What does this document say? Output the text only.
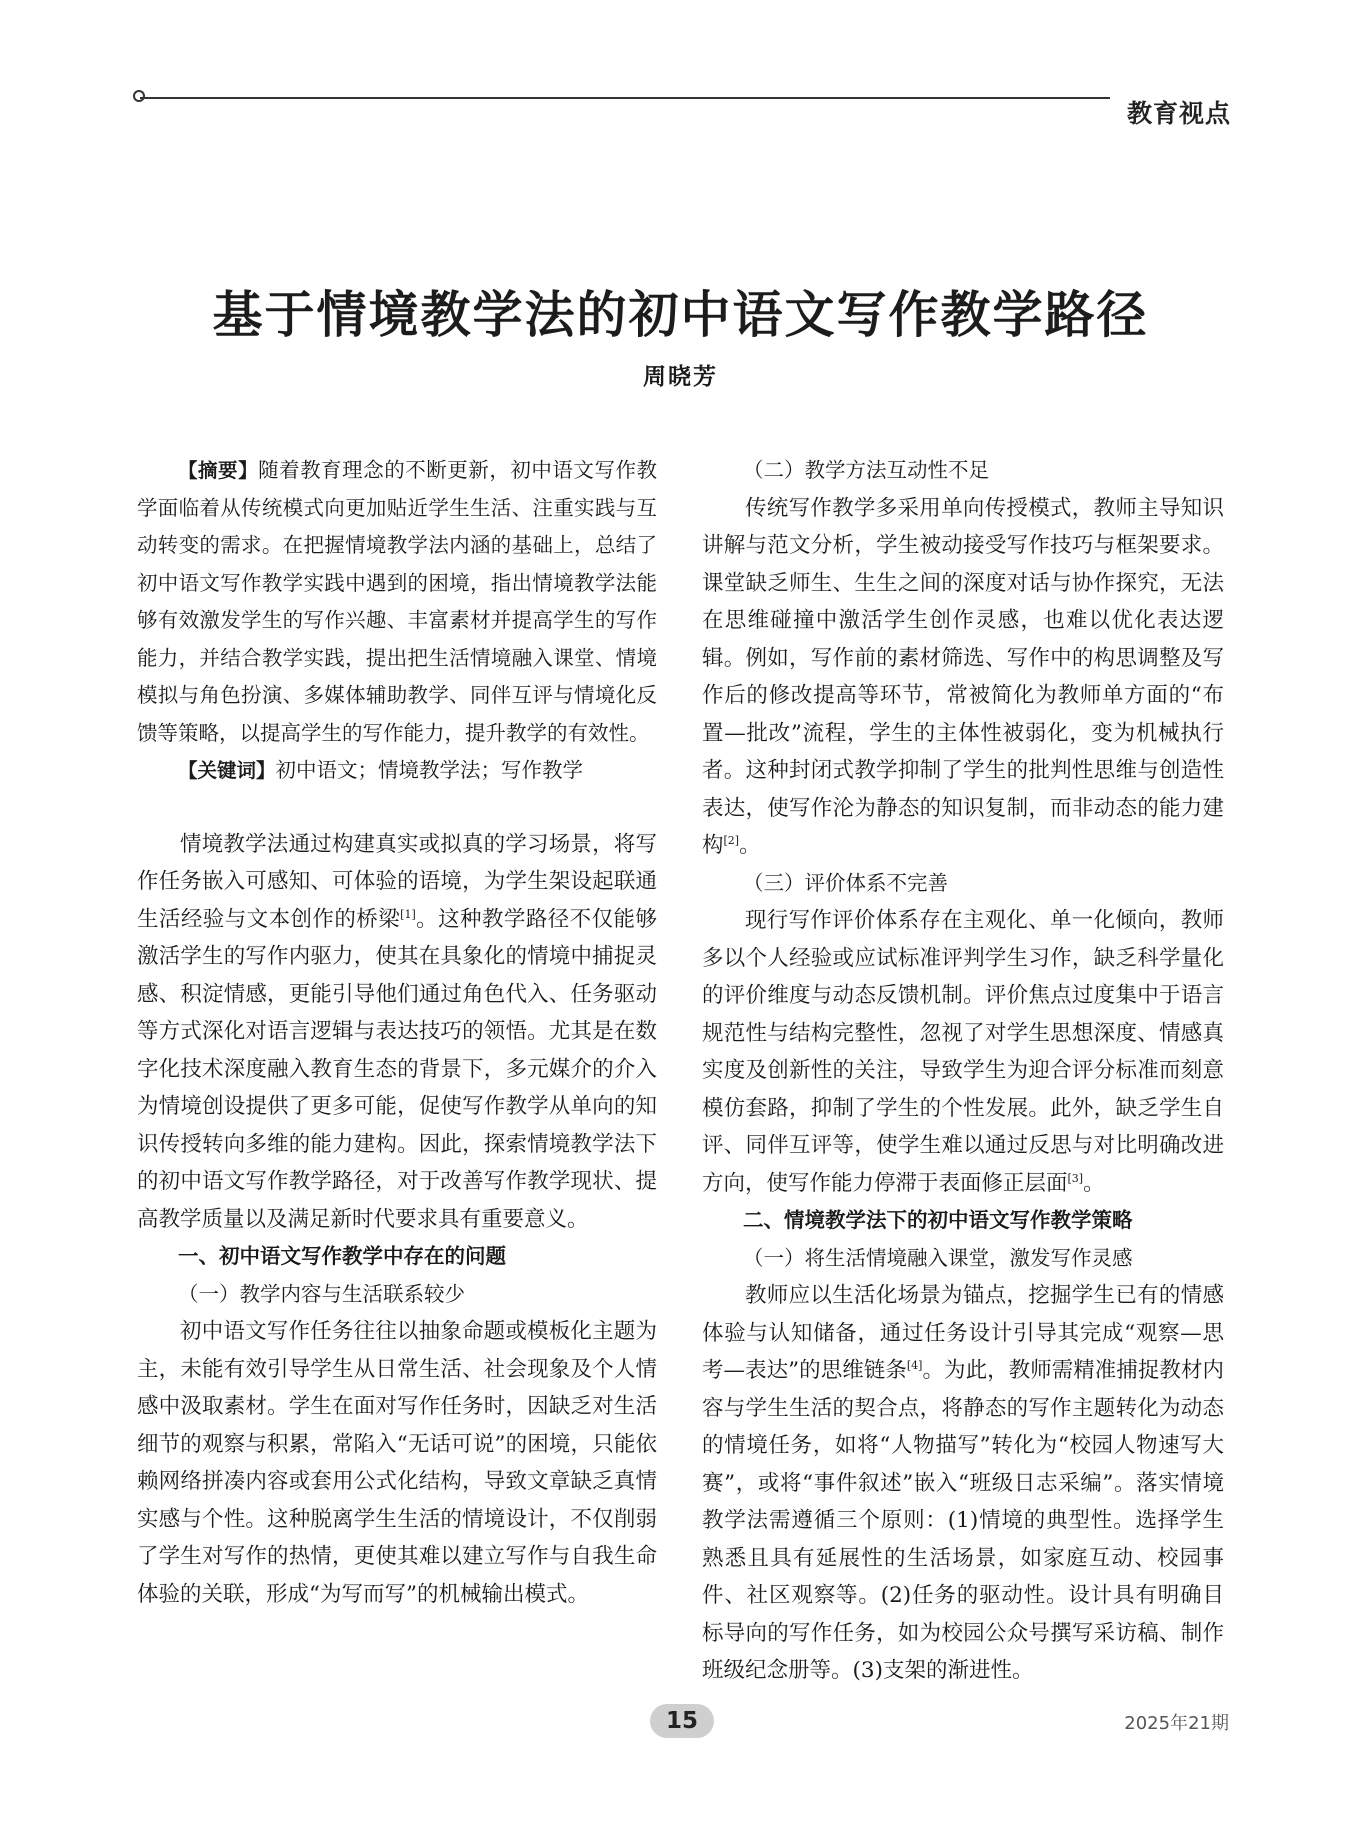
教育视点
基于情境教学法的初中语文写作教学路径
周晓芳

【摘要】随着教育理念的不断更新，初中语文写作教学面临着从传统模式向更加贴近学生生活、注重实践与互动转变的需求。在把握情境教学法内涵的基础上，总结了初中语文写作教学实践中遇到的困境，指出情境教学法能够有效激发学生的写作兴趣、丰富素材并提高学生的写作能力，并结合教学实践，提出把生活情境融入课堂、情境模拟与角色扮演、多媒体辅助教学、同伴互评与情境化反馈等策略，以提高学生的写作能力，提升教学的有效性。

【关键词】初中语文；情境教学法；写作教学

情境教学法通过构建真实或拟真的学习场景，将写作任务嵌入可感知、可体验的语境，为学生架设起联通生活经验与文本创作的桥梁[1]。这种教学路径不仅能够激活学生的写作内驱力，使其在具象化的情境中捕捉灵感、积淀情感，更能引导他们通过角色代入、任务驱动等方式深化对语言逻辑与表达技巧的领悟。尤其是在数字化技术深度融入教育生态的背景下，多元媒介的介入为情境创设提供了更多可能，促使写作教学从单向的知识传授转向多维的能力建构。因此，探索情境教学法下的初中语文写作教学路径，对于改善写作教学现状、提高教学质量以及满足新时代要求具有重要意义。

一、初中语文写作教学中存在的问题

（一）教学内容与生活联系较少

初中语文写作任务往往以抽象命题或模板化主题为主，未能有效引导学生从日常生活、社会现象及个人情感中汲取素材。学生在面对写作任务时，因缺乏对生活细节的观察与积累，常陷入“无话可说”的困境，只能依赖网络拼凑内容或套用公式化结构，导致文章缺乏真情实感与个性。这种脱离学生生活的情境设计，不仅削弱了学生对写作的热情，更使其难以建立写作与自我生命体验的关联，形成“为写而写”的机械输出模式。

（二）教学方法互动性不足

传统写作教学多采用单向传授模式，教师主导知识讲解与范文分析，学生被动接受写作技巧与框架要求。课堂缺乏师生、生生之间的深度对话与协作探究，无法在思维碰撞中激活学生创作灵感，也难以优化表达逻辑。例如，写作前的素材筛选、写作中的构思调整及写作后的修改提高等环节，常被简化为教师单方面的“布置—批改”流程，学生的主体性被弱化，变为机械执行者。这种封闭式教学抑制了学生的批判性思维与创造性表达，使写作沦为静态的知识复制，而非动态的能力建构[2]。

（三）评价体系不完善

现行写作评价体系存在主观化、单一化倾向，教师多以个人经验或应试标准评判学生习作，缺乏科学量化的评价维度与动态反馈机制。评价焦点过度集中于语言规范性与结构完整性，忽视了对学生思想深度、情感真实度及创新性的关注，导致学生为迎合评分标准而刻意模仿套路，抑制了学生的个性发展。此外，缺乏学生自评、同伴互评等，使学生难以通过反思与对比明确改进方向，使写作能力停滞于表面修正层面[3]。

二、情境教学法下的初中语文写作教学策略

（一）将生活情境融入课堂，激发写作灵感

教师应以生活化场景为锚点，挖掘学生已有的情感体验与认知储备，通过任务设计引导其完成“观察—思考—表达”的思维链条[4]。为此，教师需精准捕捉教材内容与学生生活的契合点，将静态的写作主题转化为动态的情境任务，如将“人物描写”转化为“校园人物速写大赛”，或将“事件叙述”嵌入“班级日志采编”。落实情境教学法需遵循三个原则：(1)情境的典型性。选择学生熟悉且具有延展性的生活场景，如家庭互动、校园事件、社区观察等。(2)任务的驱动性。设计具有明确目标导向的写作任务，如为校园公众号撰写采访稿、制作班级纪念册等。(3)支架的渐进性。

15	2025年21期
